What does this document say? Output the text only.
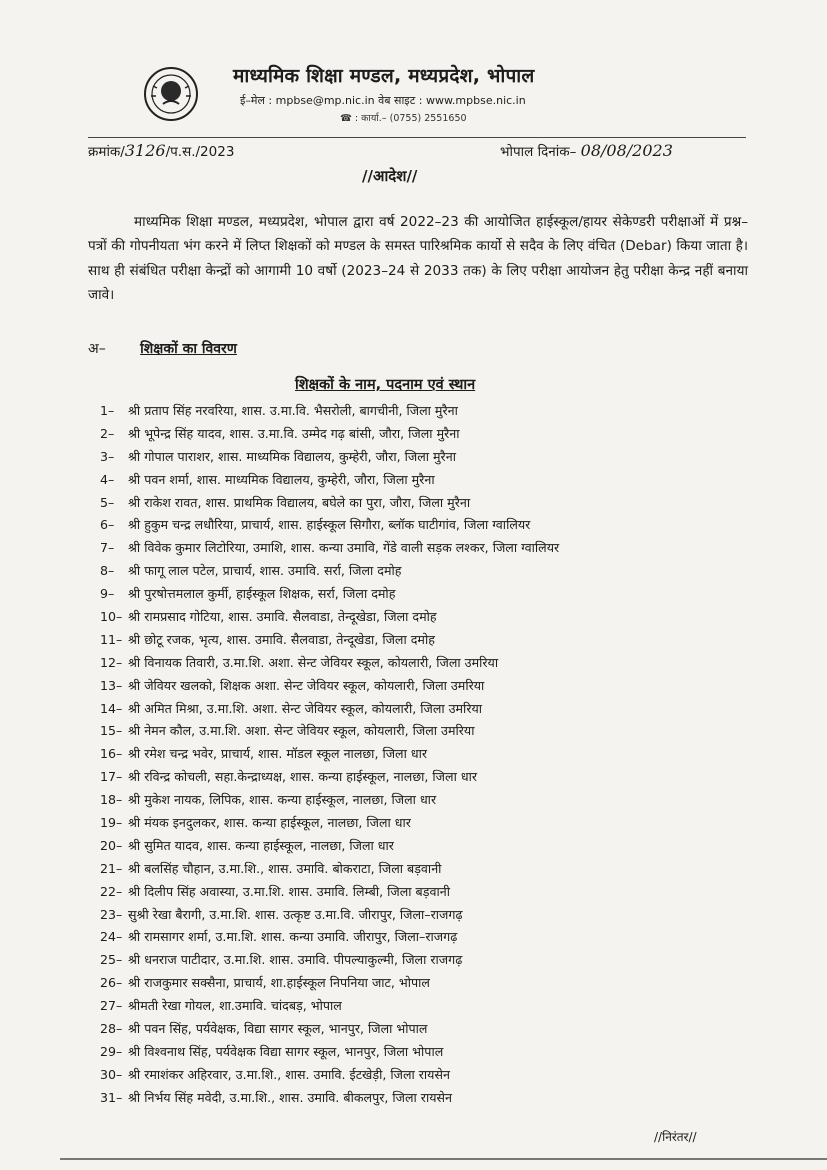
माध्यमिक शिक्षा मण्डल, मध्यप्रदेश, भोपाल
ई–मेल : mpbse@mp.nic.in वेब साइट : www.mpbse.nic.in
☎ : कार्या.– (0755) 2551650
क्रमांक/3126/प.स./2023	भोपाल दिनांक– 08/08/2023
//आदेश//
माध्यमिक शिक्षा मण्डल, मध्यप्रदेश, भोपाल द्वारा वर्ष 2022–23 की आयोजित हाईस्कूल/हायर सेकेण्डरी परीक्षाओं में प्रश्न–पत्रों की गोपनीयता भंग करने में लिप्त शिक्षकों को मण्डल के समस्त पारिश्रमिक कार्यो से सदैव के लिए वंचित (Debar) किया जाता है। साथ ही संबंधित परीक्षा केन्द्रों को आगामी 10 वर्षो (2023–24 से 2033 तक) के लिए परीक्षा आयोजन हेतु परीक्षा केन्द्र नहीं बनाया जावे।
अ– शिक्षकों का विवरण
शिक्षकों के नाम, पदनाम एवं स्थान
1– श्री प्रताप सिंह नरवरिया, शास. उ.मा.वि. भैसरोली, बागचीनी, जिला मुरैना
2– श्री भूपेन्द्र सिंह यादव, शास. उ.मा.वि. उम्मेद गढ़ बांसी, जौरा, जिला मुरैना
3– श्री गोपाल पाराशर, शास. माध्यमिक विद्यालय, कुम्हेरी, जौरा, जिला मुरैना
4– श्री पवन शर्मा, शास. माध्यमिक विद्यालय, कुम्हेरी, जौरा, जिला मुरैना
5– श्री राकेश रावत, शास. प्राथमिक विद्यालय, बघेले का पुरा, जौरा, जिला मुरैना
6– श्री हुकुम चन्द्र लधौरिया, प्राचार्य, शास. हाईस्कूल सिगौरा, ब्लॉक घाटीगांव, जिला ग्वालियर
7– श्री विवेक कुमार लिटोरिया, उमाशि, शास. कन्या उमावि, गेंडे वाली सड़क लश्कर, जिला ग्वालियर
8– श्री फागू लाल पटेल, प्राचार्य, शास. उमावि. सर्रा, जिला दमोह
9– श्री पुरषोत्तमलाल कुर्मी, हाईस्कूल शिक्षक, सर्रा, जिला दमोह
10– श्री रामप्रसाद गोटिया, शास. उमावि. सैलवाडा, तेन्दूखेडा, जिला दमोह
11– श्री छोटू रजक, भृत्य, शास. उमावि. सैलवाडा, तेन्दूखेडा, जिला दमोह
12– श्री विनायक तिवारी, उ.मा.शि. अशा. सेन्ट जेवियर स्कूल, कोयलारी, जिला उमरिया
13– श्री जेवियर खलको, शिक्षक अशा. सेन्ट जेवियर स्कूल, कोयलारी, जिला उमरिया
14– श्री अमित मिश्रा, उ.मा.शि. अशा. सेन्ट जेवियर स्कूल, कोयलारी, जिला उमरिया
15– श्री नेमन कौल, उ.मा.शि. अशा. सेन्ट जेवियर स्कूल, कोयलारी, जिला उमरिया
16– श्री रमेश चन्द्र भवेर, प्राचार्य, शास. मॉडल स्कूल नालछा, जिला धार
17– श्री रविन्द्र कोचली, सहा.केन्द्राध्यक्ष, शास. कन्या हाईस्कूल, नालछा, जिला धार
18– श्री मुकेश नायक, लिपिक, शास. कन्या हाईस्कूल, नालछा, जिला धार
19– श्री मंयक इनदुलकर, शास. कन्या हाईस्कूल, नालछा, जिला धार
20– श्री सुमित यादव, शास. कन्या हाईस्कूल, नालछा, जिला धार
21– श्री बलसिंह चौहान, उ.मा.शि., शास. उमावि. बोकराटा, जिला बड़वानी
22– श्री दिलीप सिंह अवास्या, उ.मा.शि. शास. उमावि. लिम्बी, जिला बड़वानी
23– सुश्री रेखा बैरागी, उ.मा.शि. शास. उत्कृष्ट उ.मा.वि. जीरापुर, जिला–राजगढ़
24– श्री रामसागर शर्मा, उ.मा.शि. शास. कन्या उमावि. जीरापुर, जिला–राजगढ़
25– श्री धनराज पाटीदार, उ.मा.शि. शास. उमावि. पीपल्याकुल्मी, जिला राजगढ़
26– श्री राजकुमार सक्सैना, प्राचार्य, शा.हाईस्कूल निपनिया जाट, भोपाल
27– श्रीमती रेखा गोयल, शा.उमावि. चांदबड़, भोपाल
28– श्री पवन सिंह, पर्यवेक्षक, विद्या सागर स्कूल, भानपुर, जिला भोपाल
29– श्री विश्वनाथ सिंह, पर्यवेक्षक विद्या सागर स्कूल, भानपुर, जिला भोपाल
30– श्री रमाशंकर अहिरवार, उ.मा.शि., शास. उमावि. ईटखेड़ी, जिला रायसेन
31– श्री निर्भय सिंह मवेदी, उ.मा.शि., शास. उमावि. बीकलपुर, जिला रायसेन
//निरंतर//
